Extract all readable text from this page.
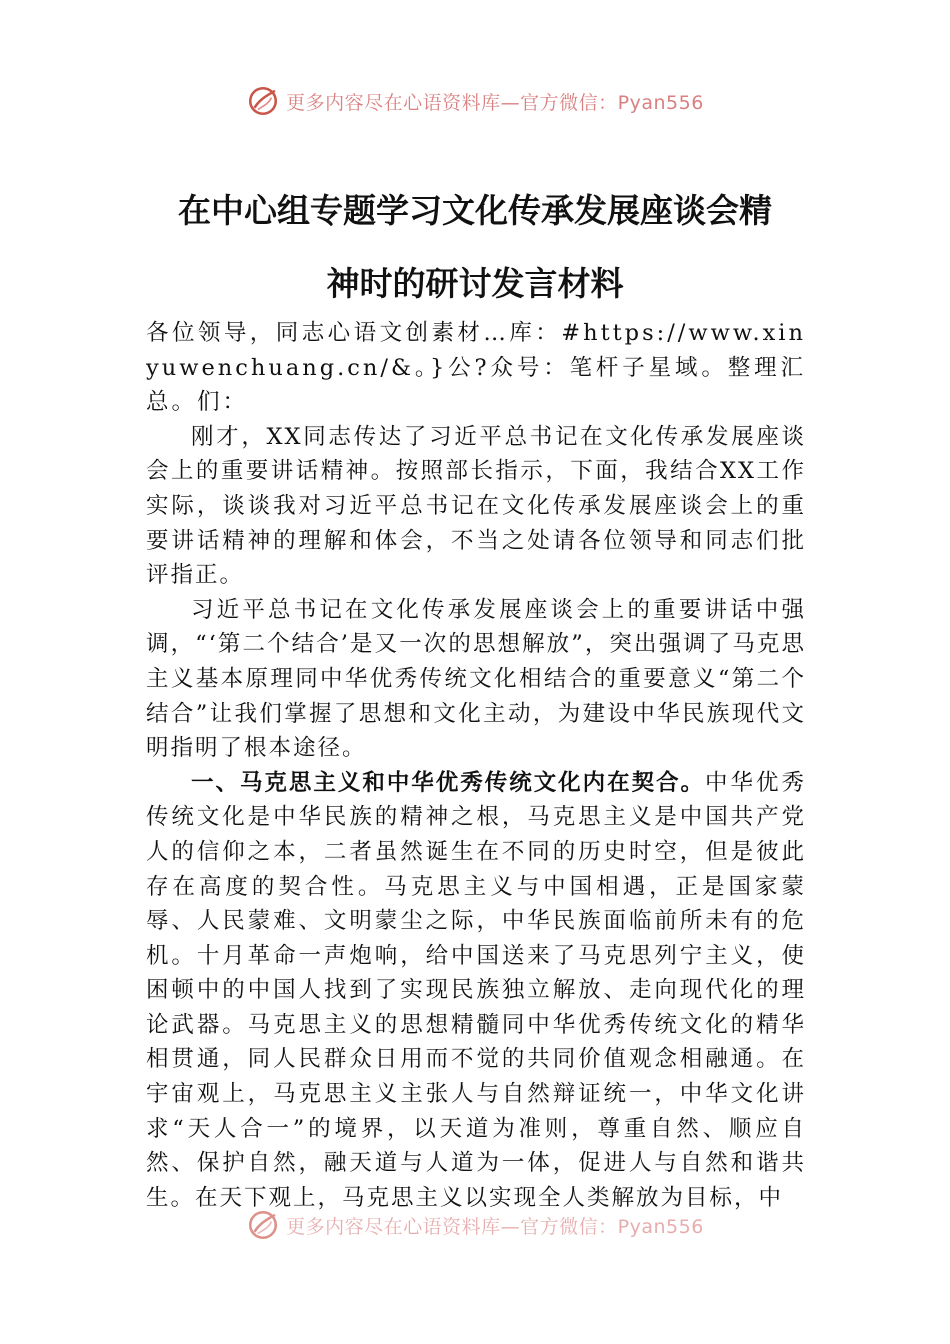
更多内容尽在心语资料库—官方微信：Pyan556
在中心组专题学习文化传承发展座谈会精
神时的研讨发言材料

各位领导，同志心语文创素材…库：#https://www.xinyuwenchuang.cn/&。}公?众号：笔杆子星域。整理汇总。们：

刚才，XX同志传达了习近平总书记在文化传承发展座谈会上的重要讲话精神。按照部长指示，下面，我结合XX工作实际，谈谈我对习近平总书记在文化传承发展座谈会上的重要讲话精神的理解和体会，不当之处请各位领导和同志们批评指正。

习近平总书记在文化传承发展座谈会上的重要讲话中强调，“‘第二个结合’是又一次的思想解放”，突出强调了马克思主义基本原理同中华优秀传统文化相结合的重要意义“第二个结合”让我们掌握了思想和文化主动，为建设中华民族现代文明指明了根本途径。

一、马克思主义和中华优秀传统文化内在契合。中华优秀传统文化是中华民族的精神之根，马克思主义是中国共产党人的信仰之本，二者虽然诞生在不同的历史时空，但是彼此存在高度的契合性。马克思主义与中国相遇，正是国家蒙辱、人民蒙难、文明蒙尘之际，中华民族面临前所未有的危机。十月革命一声炮响，给中国送来了马克思列宁主义，使困顿中的中国人找到了实现民族独立解放、走向现代化的理论武器。马克思主义的思想精髓同中华优秀传统文化的精华相贯通，同人民群众日用而不觉的共同价值观念相融通。在宇宙观上，马克思主义主张人与自然辩证统一，中华文化讲求“天人合一”的境界，以天道为准则，尊重自然、顺应自然、保护自然，融天道与人道为一体，促进人与自然和谐共生。在天下观上，马克思主义以实现全人类解放为目标，中

更多内容尽在心语资料库—官方微信：Pyan556
